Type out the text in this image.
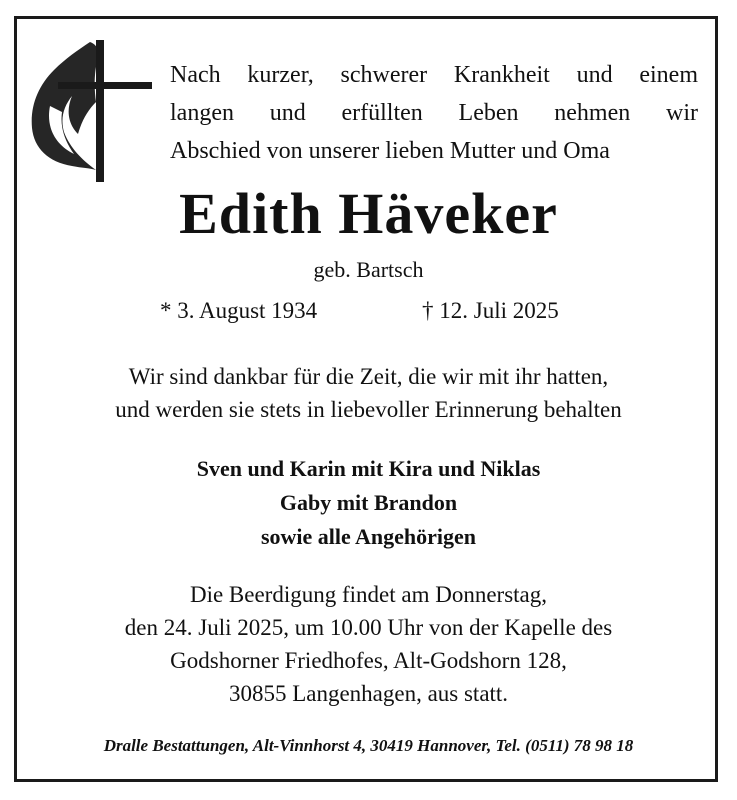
Nach kurzer, schwerer Krankheit und einem
langen und erfüllten Leben nehmen wir
Abschied von unserer lieben Mutter und Oma
Edith Häveker
geb. Bartsch
* 3. August 1934	† 12. Juli 2025
Wir sind dankbar für die Zeit, die wir mit ihr hatten,
und werden sie stets in liebevoller Erinnerung behalten
Sven und Karin mit Kira und Niklas
Gaby mit Brandon
sowie alle Angehörigen
Die Beerdigung findet am Donnerstag,
den 24. Juli 2025, um 10.00 Uhr von der Kapelle des
Godshorner Friedhofes, Alt-Godshorn 128,
30855 Langenhagen, aus statt.
Dralle Bestattungen, Alt-Vinnhorst 4, 30419 Hannover, Tel. (0511) 78 98 18
